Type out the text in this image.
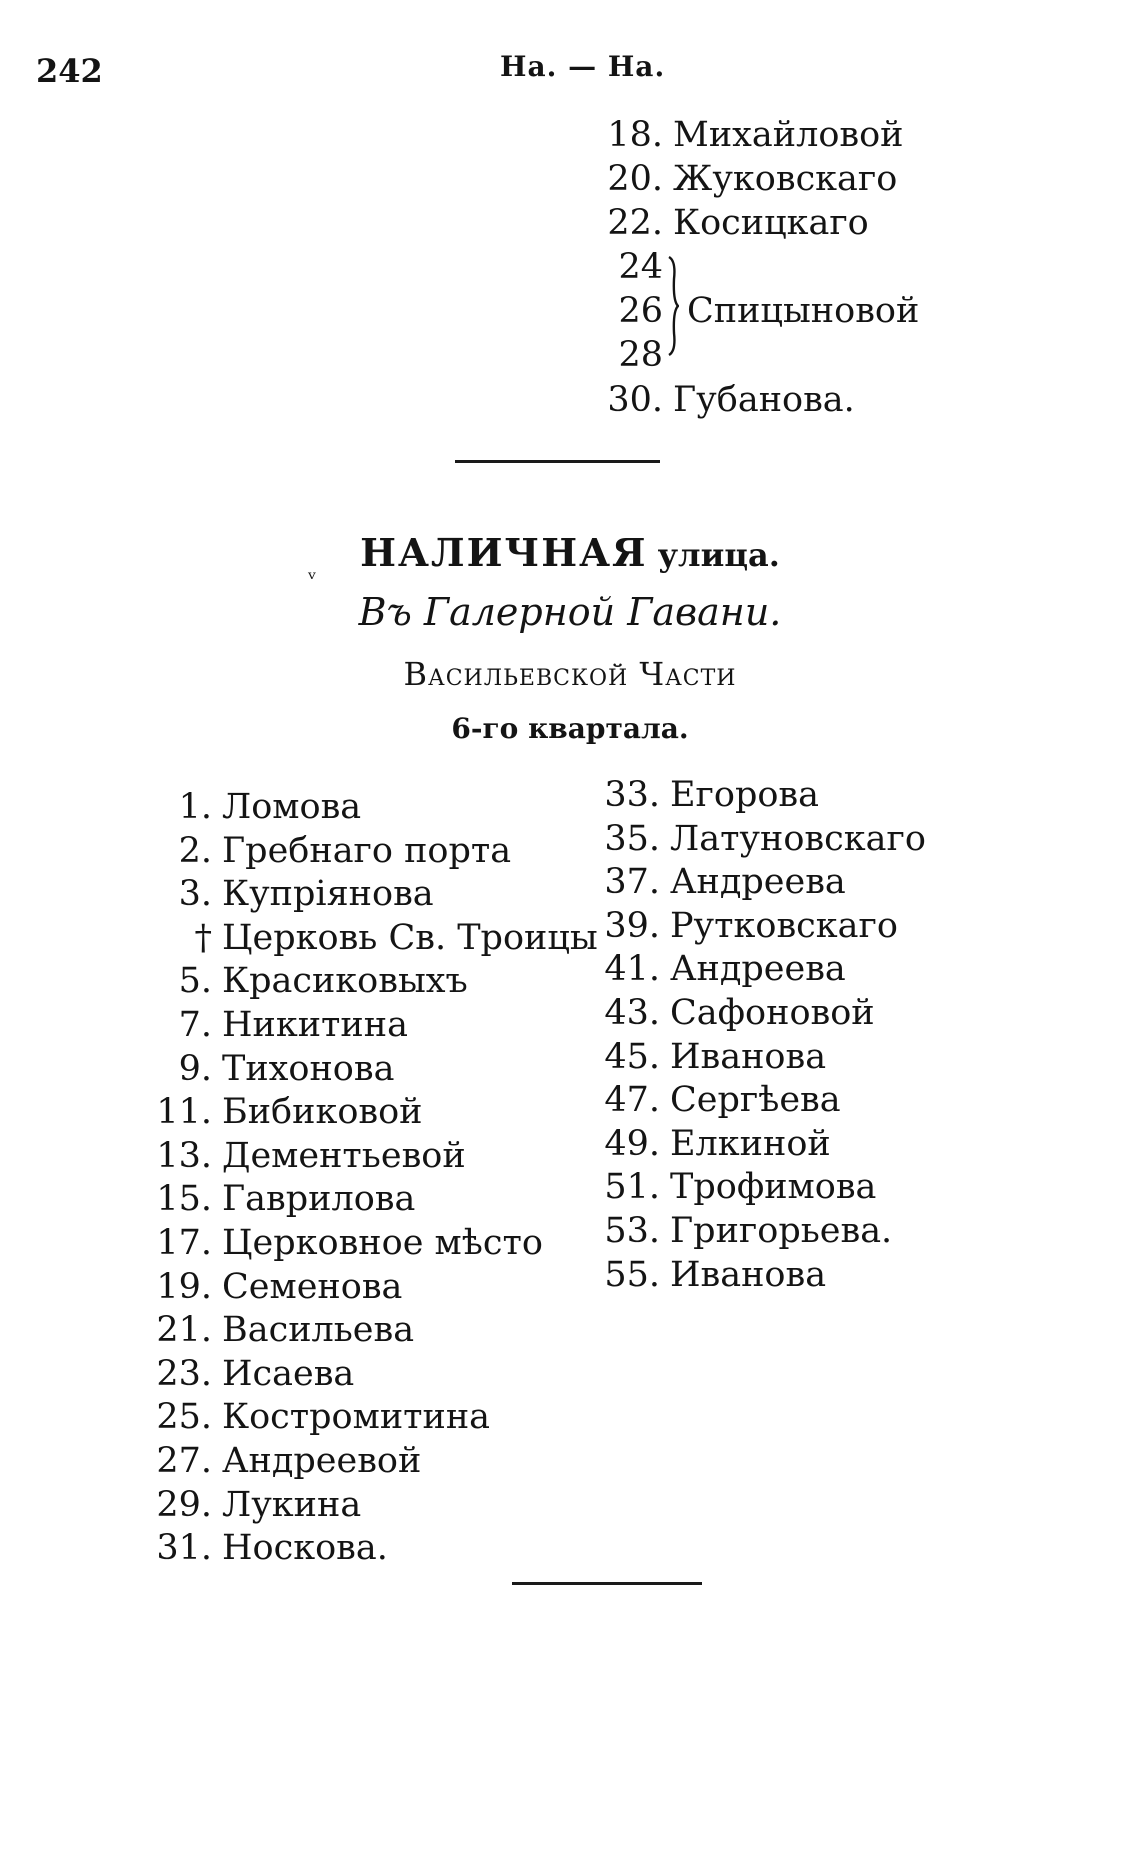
242	На. — На.
18. Михайловой
20. Жуковскаго
22. Косицкаго
24
26
28
Спицыновой
30. Губанова.
ᵥ	НАЛИЧНАЯ улица.
Въ Галерной Гавани.
Васильевской Части
6-го квартала.
1. Ломова
2. Гребнаго порта
3. Купріянова
† Церковь Св. Троицы
5. Красиковыхъ
7. Никитина
9. Тихонова
11. Бибиковой
13. Дементьевой
15. Гаврилова
17. Церковное мѣсто
19. Семенова
21. Васильева
23. Исаева
25. Костромитина
27. Андреевой
29. Лукина
31. Носкова.
33. Егорова
35. Латуновскаго
37. Андреева
39. Рутковскаго
41. Андреева
43. Сафоновой
45. Иванова
47. Сергѣева
49. Елкиной
51. Трофимова
53. Григорьева.
55. Иванова
